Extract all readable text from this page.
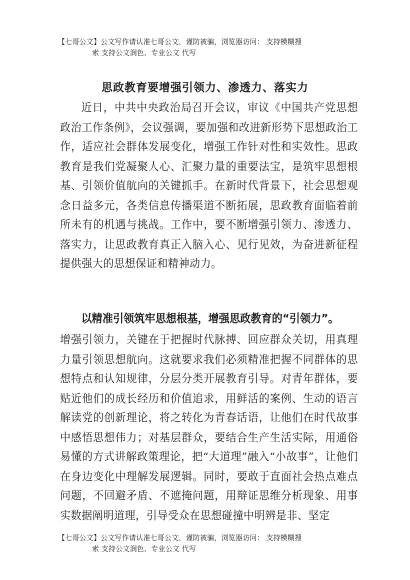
【七哥公文】公文写作请认准七哥公文，谨防被骗，浏览器访问： 支持模糊搜
索 支持公文润色、专业公文 代写
思政教育要增强引领力、渗透力、落实力

近日，中共中央政治局召开会议，审议《中国共产党思想政治工作条例》，会议强调，要加强和改进新形势下思想政治工作，适应社会群体发展变化，增强工作针对性和实效性。思政教育是我们党凝聚人心、汇聚力量的重要法宝，是筑牢思想根基、引领价值航向的关键抓手。在新时代背景下，社会思想观念日益多元，各类信息传播渠道不断拓展，思政教育面临着前所未有的机遇与挑战。工作中，要不断增强引领力、渗透力、落实力，让思政教育真正入脑入心、见行见效，为奋进新征程提供强大的思想保证和精神动力。

以精准引领筑牢思想根基，增强思政教育的“引领力”。

增强引领力，关键在于把握时代脉搏、回应群众关切，用真理力量引领思想航向。这就要求我们必须精准把握不同群体的思想特点和认知规律，分层分类开展教育引导。对青年群体，要贴近他们的成长经历和价值追求，用鲜活的案例、生动的语言解读党的创新理论，将之转化为青春话语，让他们在时代故事中感悟思想伟力；对基层群众，要结合生产生活实际，用通俗易懂的方式讲解政策理论，把“大道理”融入“小故事”，让他们在身边变化中理解发展逻辑。同时，要敢于直面社会热点难点问题，不回避矛盾、不遮掩问题，用辩证思维分析现象、用事实数据阐明道理，引导受众在思想碰撞中明辨是非、坚定

【七哥公文】公文写作请认准七哥公文，谨防被骗，浏览器访问： 支持模糊搜
索 支持公文润色、专业公文 代写
